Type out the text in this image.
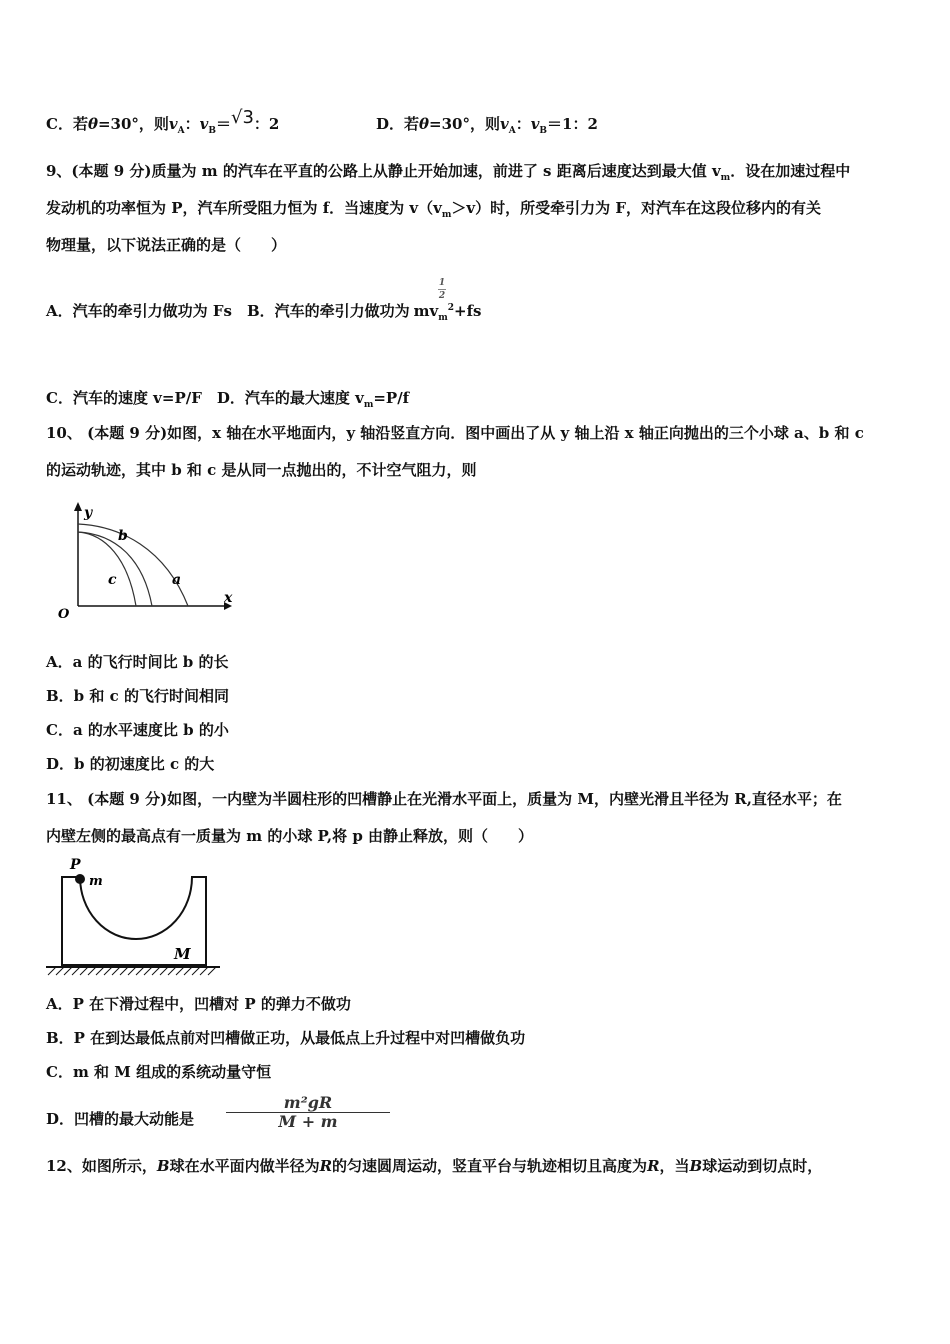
C．若θ=30°，则$v_A$：$v_B=√3$：2	D．若θ=30°，则$v_A$：$v_B=1$：2
9、(本题 9 分)质量为 m 的汽车在平直的公路上从静止开始加速，前进了 s 距离后速度达到最大值 $v_m$．设在加速过程中
发动机的功率恒为 P，汽车所受阻力恒为 f．当速度为 $v(v_m>v)$时，所受牵引力为 F，对汽车在这段位移内的有关
物理量，以下说法正确的是（　　）
A．汽车的牵引力做功为 Fs　B．汽车的牵引力做功为 $mv_m^2+fs$
1
2
C．汽车的速度 v=P/F　D．汽车的最大速度 $v_m=P/f$
10、 (本题 9 分)如图，x 轴在水平地面内，y 轴沿竖直方向．图中画出了从 y 轴上沿 x 轴正向抛出的三个小球 a、b 和 c
的运动轨迹，其中 b 和 c 是从同一点抛出的，不计空气阻力，则
y
x
O
b
c	a
A．a 的飞行时间比 b 的长
B．b 和 c 的飞行时间相同
C．a 的水平速度比 b 的小
D．b 的初速度比 c 的大
11、 (本题 9 分)如图，一内壁为半圆柱形的凹槽静止在光滑水平面上，质量为 M，内壁光滑且半径为 R,直径水平；在
内壁左侧的最高点有一质量为 m 的小球 P,将 p 由静止释放，则（　　）
P
m
M
A．P 在下滑过程中，凹槽对 P 的弹力不做功
B．P 在到达最低点前对凹槽做正功，从最低点上升过程中对凹槽做负功
C．m 和 M 组成的系统动量守恒
D．凹槽的最大动能是
m²gR
M + m
12、如图所示，B球在水平面内做半径为R的匀速圆周运动，竖直平台与轨迹相切且高度为R，当B球运动到切点时，
